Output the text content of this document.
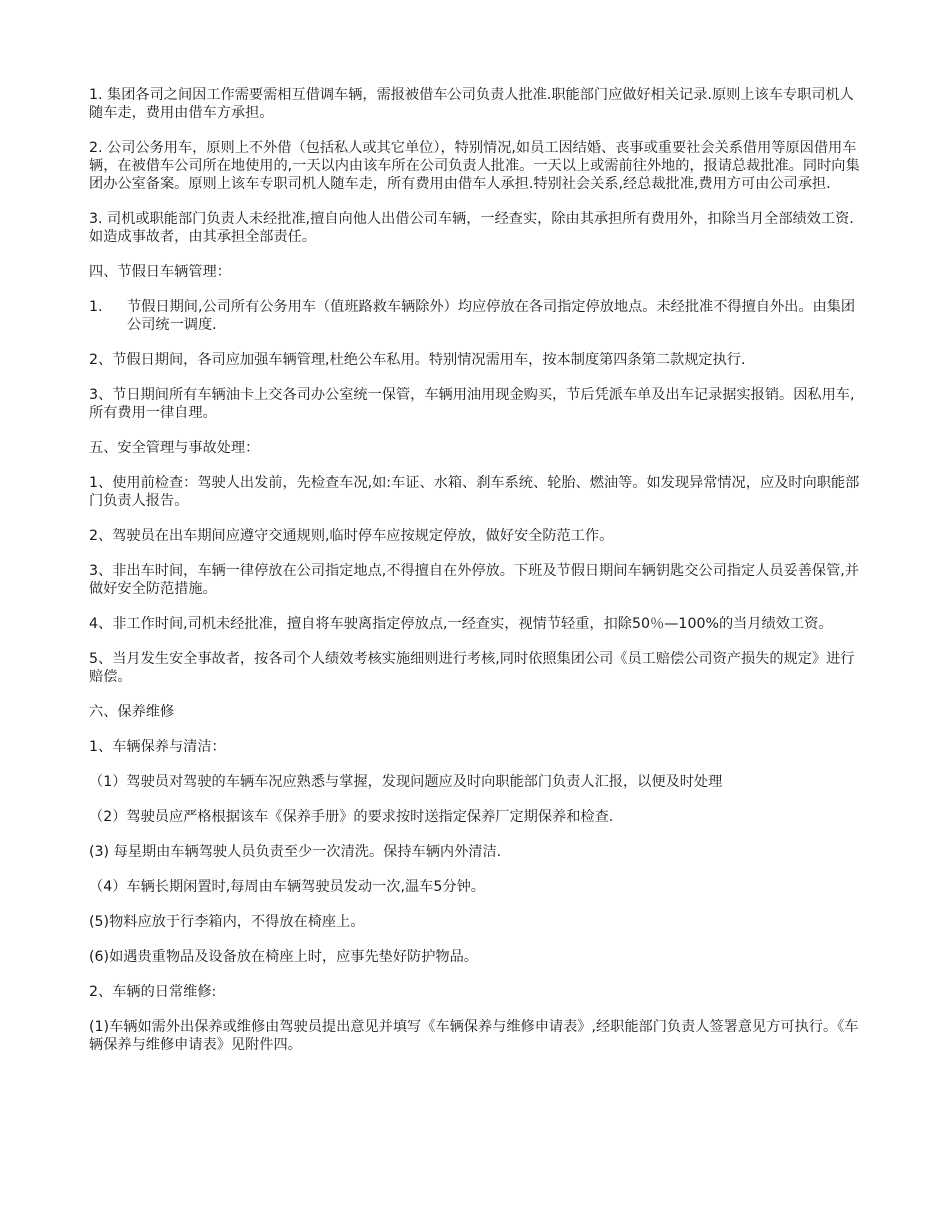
1. 集团各司之间因工作需要需相互借调车辆，需报被借车公司负责人批准.职能部门应做好相关记录.原则上该车专职司机人随车走，费用由借车方承担。

2. 公司公务用车，原则上不外借（包括私人或其它单位），特别情况,如员工因结婚、丧事或重要社会关系借用等原因借用车辆，在被借车公司所在地使用的,一天以内由该车所在公司负责人批准。一天以上或需前往外地的，报请总裁批准。同时向集团办公室备案。原则上该车专职司机人随车走，所有费用由借车人承担.特别社会关系,经总裁批准,费用方可由公司承担.

3. 司机或职能部门负责人未经批准,擅自向他人出借公司车辆，一经查实，除由其承担所有费用外，扣除当月全部绩效工资.如造成事故者，由其承担全部责任。

四、节假日车辆管理：

1.	节假日期间,公司所有公务用车（值班路救车辆除外）均应停放在各司指定停放地点。未经批准不得擅自外出。由集团公司统一调度.

2、节假日期间，各司应加强车辆管理,杜绝公车私用。特别情况需用车，按本制度第四条第二款规定执行.

3、节日期间所有车辆油卡上交各司办公室统一保管，车辆用油用现金购买，节后凭派车单及出车记录据实报销。因私用车,所有费用一律自理。

五、安全管理与事故处理：

1、使用前检查：驾驶人出发前，先检查车况,如:车证、水箱、刹车系统、轮胎、燃油等。如发现异常情况，应及时向职能部门负责人报告。

2、驾驶员在出车期间应遵守交通规则,临时停车应按规定停放，做好安全防范工作。

3、非出车时间，车辆一律停放在公司指定地点,不得擅自在外停放。下班及节假日期间车辆钥匙交公司指定人员妥善保管,并做好安全防范措施。

4、非工作时间,司机未经批准，擅自将车驶离指定停放点,一经查实，视情节轻重，扣除50％—100%的当月绩效工资。

5、当月发生安全事故者，按各司个人绩效考核实施细则进行考核,同时依照集团公司《员工赔偿公司资产损失的规定》进行赔偿。

六、保养维修

1、车辆保养与清洁：

（1）驾驶员对驾驶的车辆车况应熟悉与掌握，发现问题应及时向职能部门负责人汇报，以便及时处理

（2）驾驶员应严格根据该车《保养手册》的要求按时送指定保养厂定期保养和检查.

(3) 每星期由车辆驾驶人员负责至少一次清洗。保持车辆内外清洁.

（4）车辆长期闲置时,每周由车辆驾驶员发动一次,温车5分钟。

(5)物料应放于行李箱内，不得放在椅座上。

(6)如遇贵重物品及设备放在椅座上时，应事先垫好防护物品。

2、车辆的日常维修:

(1)车辆如需外出保养或维修由驾驶员提出意见并填写《车辆保养与维修申请表》,经职能部门负责人签署意见方可执行。《车辆保养与维修申请表》见附件四。
